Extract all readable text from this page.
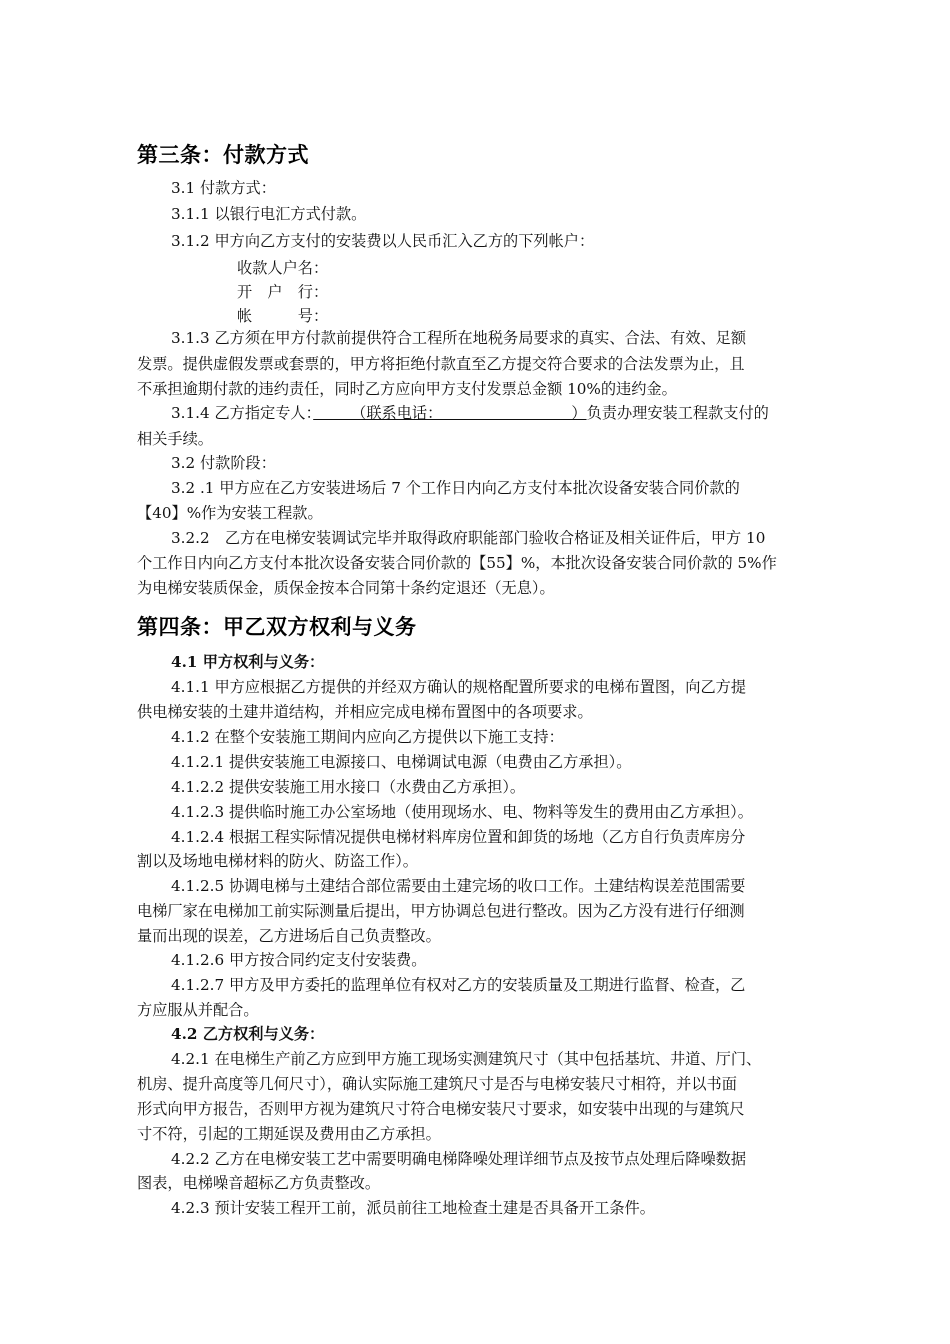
第三条：付款方式
3.1 付款方式：
3.1.1 以银行电汇方式付款。
3.1.2 甲方向乙方支付的安装费以人民币汇入乙方的下列帐户：
收款人户名：
开　户　行：
帐　　　号：
3.1.3 乙方须在甲方付款前提供符合工程所在地税务局要求的真实、合法、有效、足额
发票。提供虚假发票或套票的，甲方将拒绝付款直至乙方提交符合要求的合法发票为止，且
不承担逾期付款的违约责任，同时乙方应向甲方支付发票总金额 10%的违约金。
3.1.4 乙方指定专人：　　　（联系电话：　　　　　　　　　）负责办理安装工程款支付的
相关手续。
3.2 付款阶段：
3.2 .1 甲方应在乙方安装进场后 7 个工作日内向乙方支付本批次设备安装合同价款的
【40】%作为安装工程款。
3.2.2　乙方在电梯安装调试完毕并取得政府职能部门验收合格证及相关证件后，甲方 10
个工作日内向乙方支付本批次设备安装合同价款的【55】%，本批次设备安装合同价款的 5%作
为电梯安装质保金，质保金按本合同第十条约定退还（无息）。
第四条：甲乙双方权利与义务
4.1 甲方权利与义务：
4.1.1 甲方应根据乙方提供的并经双方确认的规格配置所要求的电梯布置图，向乙方提
供电梯安装的土建井道结构，并相应完成电梯布置图中的各项要求。
4.1.2 在整个安装施工期间内应向乙方提供以下施工支持：
4.1.2.1 提供安装施工电源接口、电梯调试电源（电费由乙方承担）。
4.1.2.2 提供安装施工用水接口（水费由乙方承担）。
4.1.2.3 提供临时施工办公室场地（使用现场水、电、物料等发生的费用由乙方承担）。
4.1.2.4 根据工程实际情况提供电梯材料库房位置和卸货的场地（乙方自行负责库房分
割以及场地电梯材料的防火、防盗工作）。
4.1.2.5 协调电梯与土建结合部位需要由土建完场的收口工作。土建结构误差范围需要
电梯厂家在电梯加工前实际测量后提出，甲方协调总包进行整改。因为乙方没有进行仔细测
量而出现的误差，乙方进场后自己负责整改。
4.1.2.6 甲方按合同约定支付安装费。
4.1.2.7 甲方及甲方委托的监理单位有权对乙方的安装质量及工期进行监督、检查，乙
方应服从并配合。
4.2 乙方权利与义务：
4.2.1 在电梯生产前乙方应到甲方施工现场实测建筑尺寸（其中包括基坑、井道、厅门、
机房、提升高度等几何尺寸），确认实际施工建筑尺寸是否与电梯安装尺寸相符，并以书面
形式向甲方报告，否则甲方视为建筑尺寸符合电梯安装尺寸要求，如安装中出现的与建筑尺
寸不符，引起的工期延误及费用由乙方承担。
4.2.2 乙方在电梯安装工艺中需要明确电梯降噪处理详细节点及按节点处理后降噪数据
图表，电梯噪音超标乙方负责整改。
4.2.3 预计安装工程开工前，派员前往工地检查土建是否具备开工条件。
